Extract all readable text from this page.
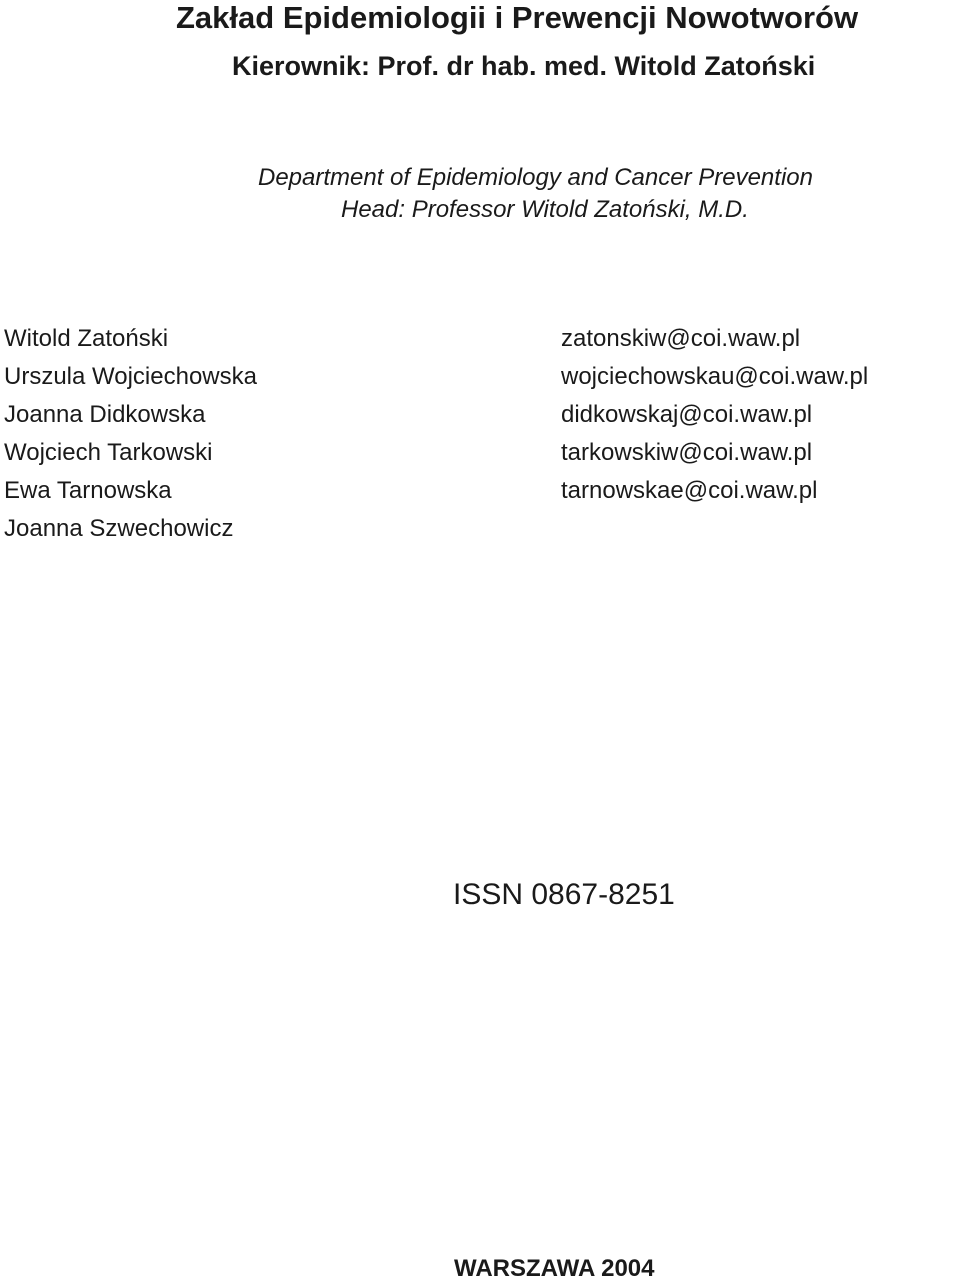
Zakład Epidemiologii i Prewencji Nowotworów

Kierownik: Prof. dr hab. med. Witold Zatoński

Department of Epidemiology and Cancer Prevention

Head: Professor Witold Zatoński, M.D.

Witold Zatoński
Urszula Wojciechowska
Joanna Didkowska
Wojciech Tarkowski
Ewa Tarnowska
Joanna Szwechowicz
zatonskiw@coi.waw.pl
wojciechowskau@coi.waw.pl
didkowskaj@coi.waw.pl
tarkowskiw@coi.waw.pl
tarnowskae@coi.waw.pl

ISSN 0867-8251

WARSZAWA 2004
